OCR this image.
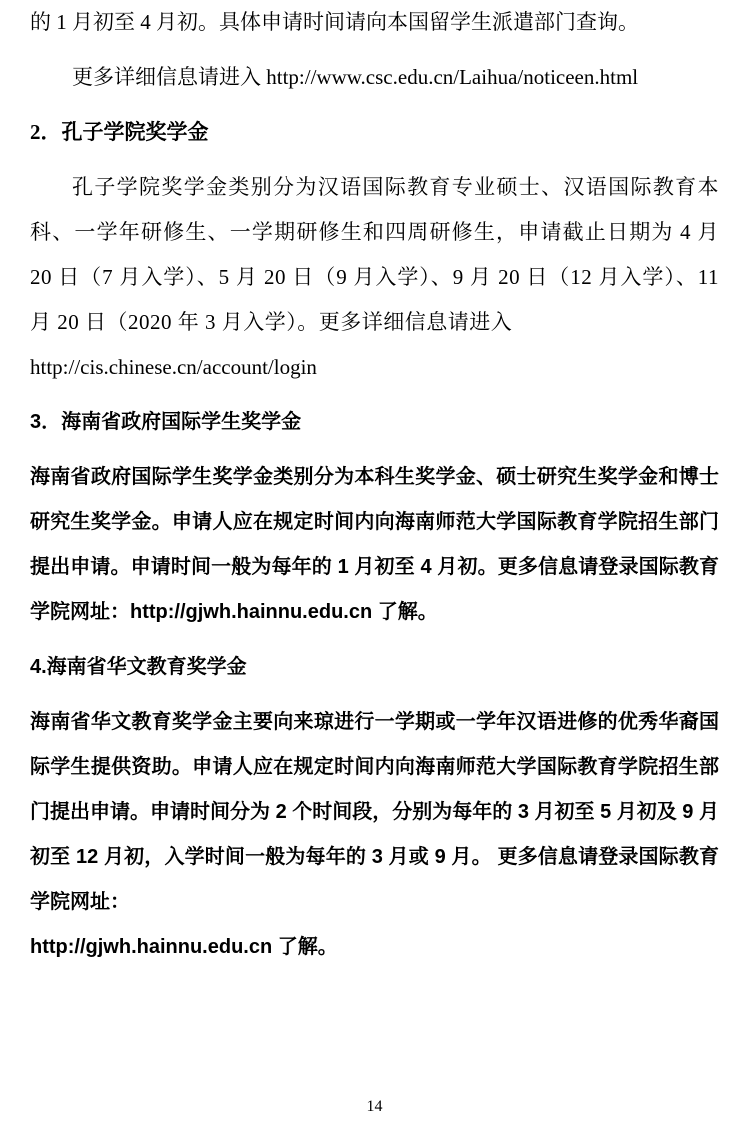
的 1 月初至 4 月初。具体申请时间请向本国留学生派遣部门查询。

更多详细信息请进入 http://www.csc.edu.cn/Laihua/noticeen.html

2．孔子学院奖学金

孔子学院奖学金类别分为汉语国际教育专业硕士、汉语国际教育本科、一学年研修生、一学期研修生和四周研修生，申请截止日期为 4 月 20 日（7 月入学）、5 月 20 日（9 月入学）、9 月 20 日（12 月入学）、11 月 20 日（2020 年 3 月入学）。更多详细信息请进入

http://cis.chinese.cn/account/login

3．海南省政府国际学生奖学金

海南省政府国际学生奖学金类别分为本科生奖学金、硕士研究生奖学金和博士研究生奖学金。申请人应在规定时间内向海南师范大学国际教育学院招生部门提出申请。申请时间一般为每年的 1 月初至 4 月初。更多信息请登录国际教育学院网址：http://gjwh.hainnu.edu.cn 了解。

4.海南省华文教育奖学金

海南省华文教育奖学金主要向来琼进行一学期或一学年汉语进修的优秀华裔国际学生提供资助。申请人应在规定时间内向海南师范大学国际教育学院招生部门提出申请。申请时间分为 2 个时间段，分别为每年的 3 月初至 5 月初及 9 月初至 12 月初，入学时间一般为每年的 3 月或 9 月。 更多信息请登录国际教育学院网址：

http://gjwh.hainnu.edu.cn 了解。

14
